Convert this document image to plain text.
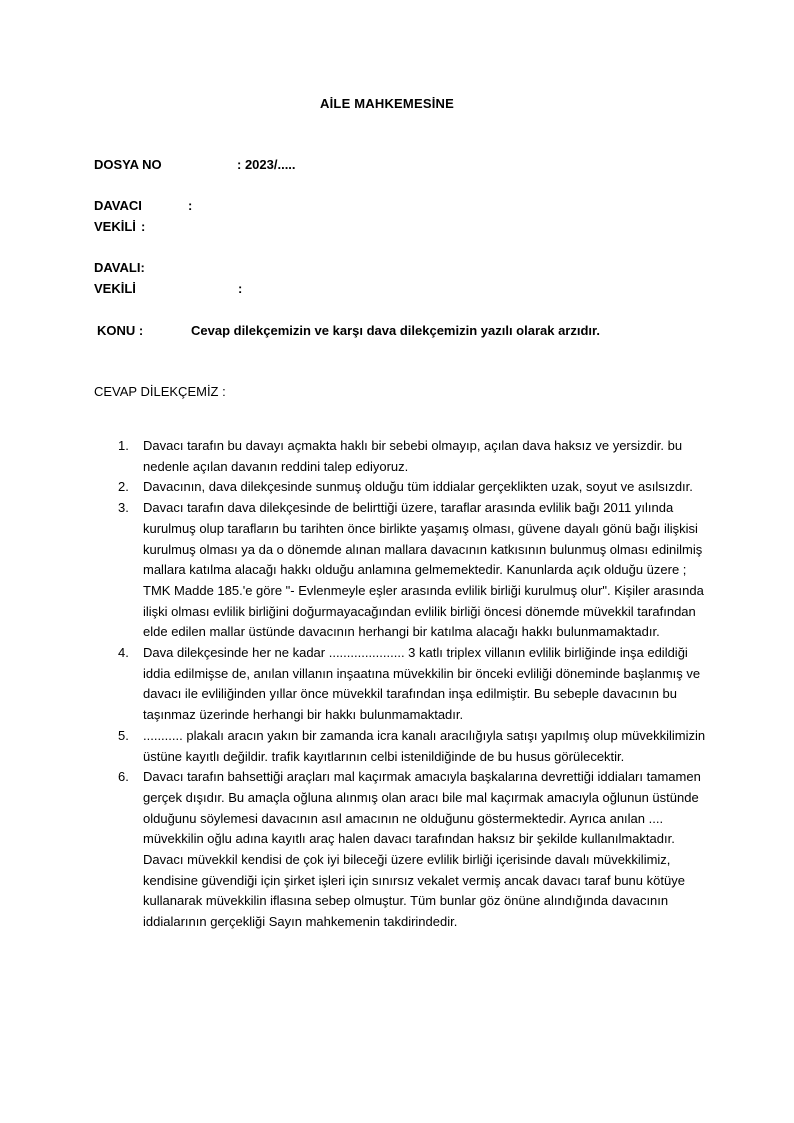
AİLE MAHKEMESİNE
DOSYA NO	: 2023/.....
DAVACI	:
VEKİLİ :
DAVALI:
VEKİLİ	:
KONU :	Cevap dilekçemizin ve karşı dava dilekçemizin yazılı olarak arzıdır.
CEVAP DİLEKÇEMİZ :
1. Davacı tarafın bu davayı açmakta haklı bir sebebi olmayıp, açılan dava haksız ve yersizdir. bu nedenle açılan davanın reddini talep ediyoruz.
2. Davacının, dava dilekçesinde sunmuş olduğu tüm iddialar gerçeklikten uzak, soyut ve asılsızdır.
3. Davacı tarafın dava dilekçesinde de belirttiği üzere, taraflar arasında evlilik bağı 2011 yılında kurulmuş olup tarafların bu tarihten önce birlikte yaşamış olması, güvene dayalı gönü bağı ilişkisi kurulmuş olması ya da o dönemde alınan mallara davacının katkısının bulunmuş olması edinilmiş mallara katılma alacağı hakkı olduğu anlamına gelmemektedir. Kanunlarda açık olduğu üzere ; TMK Madde 185.'e göre "- Evlenmeyle eşler arasında evlilik birliği kurulmuş olur". Kişiler arasında ilişki olması evlilik birliğini doğurmayacağından evlilik birliği öncesi dönemde müvekkil tarafından elde edilen mallar üstünde davacının herhangi bir katılma alacağı hakkı bulunmamaktadır.
4. Dava dilekçesinde her ne kadar ..................... 3 katlı triplex villanın evlilik birliğinde inşa edildiği iddia edilmişse de, anılan villanın inşaatına müvekkilin bir önceki evliliği döneminde başlanmış ve davacı ile evliliğinden yıllar önce müvekkil tarafından inşa edilmiştir. Bu sebeple davacının bu taşınmaz üzerinde herhangi bir hakkı bulunmamaktadır.
5. ........... plakalı aracın yakın bir zamanda icra kanalı aracılığıyla satışı yapılmış olup müvekkilimizin üstüne kayıtlı değildir. trafik kayıtlarının celbi istenildiğinde de bu husus görülecektir.
6. Davacı tarafın bahsettiği araçları mal kaçırmak amacıyla başkalarına devrettiği iddiaları tamamen gerçek dışıdır. Bu amaçla oğluna alınmış olan aracı bile mal kaçırmak amacıyla oğlunun üstünde olduğunu söylemesi davacının asıl amacının ne olduğunu göstermektedir. Ayrıca anılan .... müvekkilin oğlu adına kayıtlı araç halen davacı tarafından haksız bir şekilde kullanılmaktadır. Davacı müvekkil kendisi de çok iyi bileceği üzere evlilik birliği içerisinde davalı müvekkilimiz, kendisine güvendiği için şirket işleri için sınırsız vekalet vermiş ancak davacı taraf bunu kötüye kullanarak müvekkilin iflasına sebep olmuştur. Tüm bunlar göz önüne alındığında davacının iddialarının gerçekliği Sayın mahkemenin takdirindedir.
